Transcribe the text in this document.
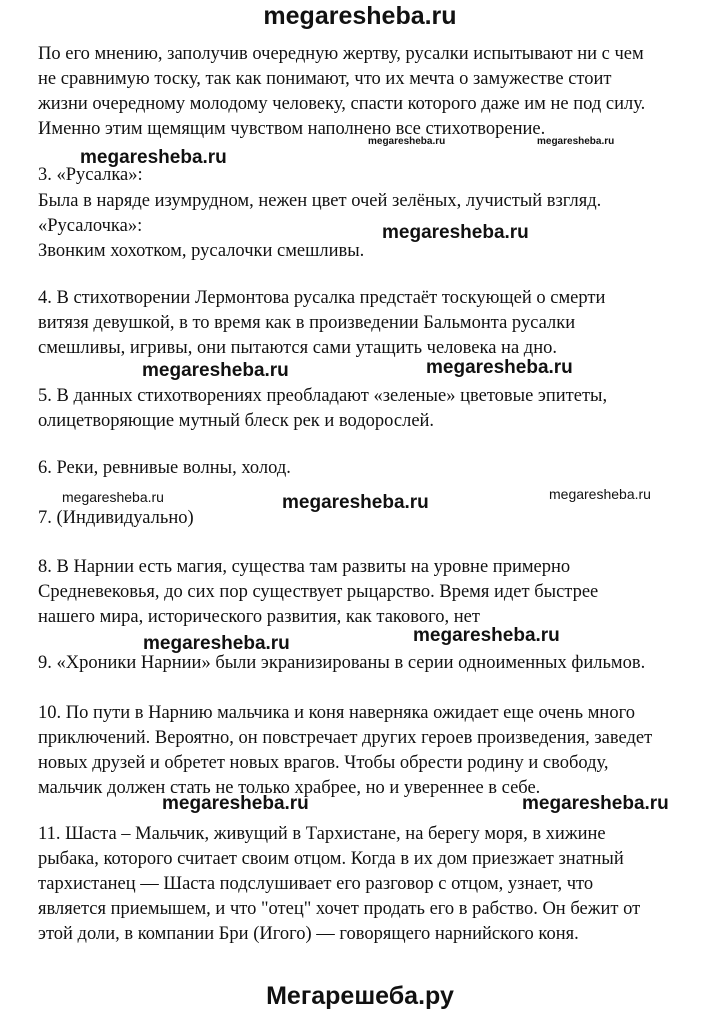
megaresheba.ru

По его мнению, заполучив очередную жертву, русалки испытывают ни с чем

не сравнимую тоску, так как понимают, что их мечта о замужестве стоит

жизни очередному молодому человеку, спасти которого даже им не под силу.

Именно этим щемящим чувством наполнено все стихотворение.

3. «Русалка»:

Была в наряде изумрудном, нежен цвет очей зелёных, лучистый взгляд.

«Русалочка»:

Звонким хохотком, русалочки смешливы.

4. В стихотворении Лермонтова русалка предстаёт тоскующей о смерти

витязя девушкой, в то время как в произведении Бальмонта русалки

смешливы, игривы, они пытаются сами утащить человека на дно.

5. В данных стихотворениях преобладают «зеленые» цветовые эпитеты,

олицетворяющие мутный блеск рек и водорослей.

6. Реки, ревнивые волны, холод.

7. (Индивидуально)

8. В Нарнии есть магия, существа там развиты на уровне примерно

Средневековья, до сих пор существует рыцарство. Время идет быстрее

нашего мира, исторического развития, как такового, нет

9. «Хроники Нарнии» были экранизированы в серии одноименных фильмов.

10. По пути в Нарнию мальчика и коня наверняка ожидает еще очень много

приключений. Вероятно, он повстречает других героев произведения, заведет

новых друзей и обретет новых врагов. Чтобы обрести родину и свободу,

мальчик должен стать не только храбрее, но и увереннее в себе.

11. Шаста – Мальчик, живущий в Тархистане, на берегу моря, в хижине

рыбака, которого считает своим отцом. Когда в их дом приезжает знатный

тархистанец — Шаста подслушивает его разговор с отцом, узнает, что

является приемышем, и что "отец" хочет продать его в рабство. Он бежит от

этой доли, в компании Бри (Игого) — говорящего нарнийского коня.

megaresheba.ru
megaresheba.ru	megaresheba.ru
megaresheba.ru
megaresheba.ru	megaresheba.ru
megaresheba.ru	megaresheba.ru	megaresheba.ru
megaresheba.ru	megaresheba.ru
megaresheba.ru	megaresheba.ru
Мегарешеба.ру
